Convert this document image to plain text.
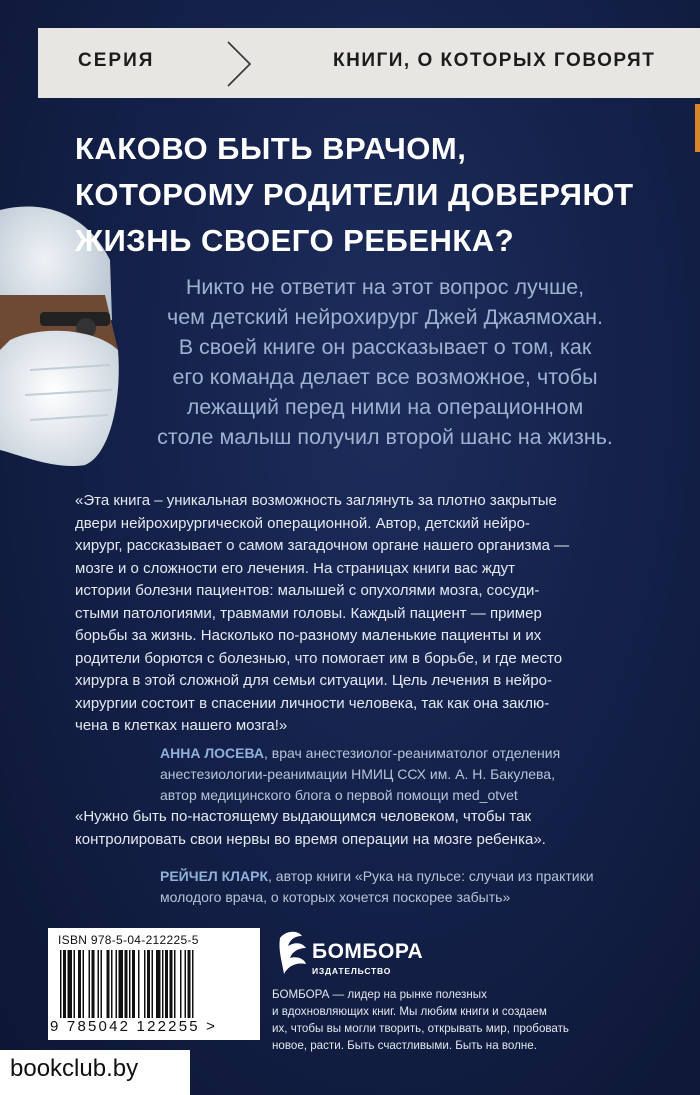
СЕРИЯ	КНИГИ, О КОТОРЫХ ГОВОРЯТ
КАКОВО БЫТЬ ВРАЧОМ,
КОТОРОМУ РОДИТЕЛИ ДОВЕРЯЮТ
ЖИЗНЬ СВОЕГО РЕБЕНКА?
Никто не ответит на этот вопрос лучше,
чем детский нейрохирург Джей Джаямохан.
В своей книге он рассказывает о том, как
его команда делает все возможное, чтобы
лежащий перед ними на операционном
столе малыш получил второй шанс на жизнь.
«Эта книга – уникальная возможность заглянуть за плотно закрытые
двери нейрохирургической операционной. Автор, детский нейро-
хирург, рассказывает о самом загадочном органе нашего организма —
мозге и о сложности его лечения. На страницах книги вас ждут
истории болезни пациентов: малышей с опухолями мозга, сосуди-
стыми патологиями, травмами головы. Каждый пациент — пример
борьбы за жизнь. Насколько по-разному маленькие пациенты и их
родители борются с болезнью, что помогает им в борьбе, и где место
хирурга в этой сложной для семьи ситуации. Цель лечения в нейро-
хирургии состоит в спасении личности человека, так как она заклю-
чена в клетках нашего мозга!»
АННА ЛОСЕВА, врач анестезиолог-реаниматолог отделения
анестезиологии-реанимации НМИЦ ССХ им. А. Н. Бакулева,
автор медицинского блога о первой помощи med_otvet
«Нужно быть по-настоящему выдающимся человеком, чтобы так
контролировать свои нервы во время операции на мозге ребенка».
РЕЙЧЕЛ КЛАРК, автор книги «Рука на пульсе: случаи из практики
молодого врача, о которых хочется поскорее забыть»
ISBN 978-5-04-212225-5
9 785042 122255 >
БОМБОРА
ИЗДАТЕЛЬСТВО
БОМБОРА — лидер на рынке полезных
и вдохновляющих книг. Мы любим книги и создаем
их, чтобы вы могли творить, открывать мир, пробовать
новое, расти. Быть счастливыми. Быть на волне.
bookclub.by
